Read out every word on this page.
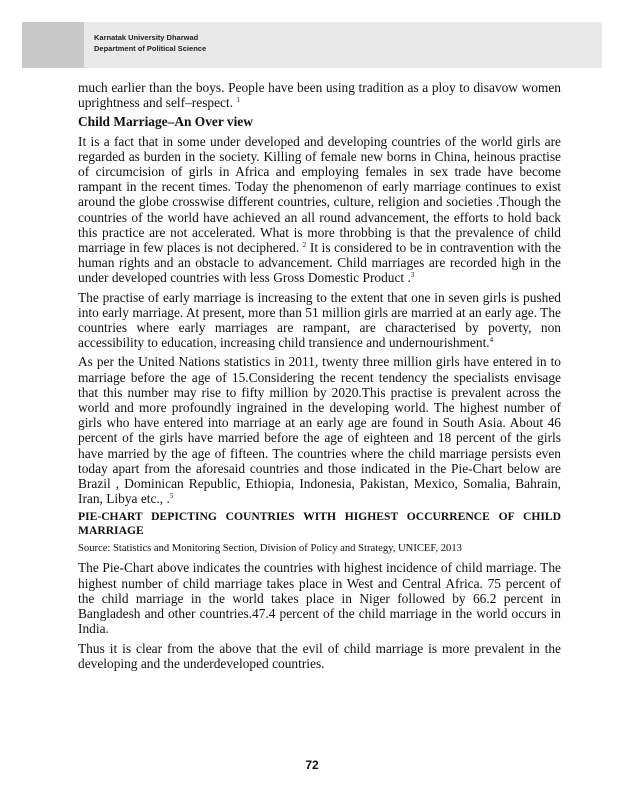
Karnatak University Dharwad
Department of Political Science

much earlier than the boys. People have been using tradition as a ploy to disavow women uprightness and self–respect. $^1$

Child Marriage–An Over view

It is a fact that in some under developed and developing countries of the world girls are regarded as burden in the society. Killing of female new borns in China, heinous practise of circumcision of girls in Africa and employing females in sex trade have become rampant in the recent times. Today the phenomenon of early marriage continues to exist around the globe crosswise different countries, culture, religion and societies .Though the countries of the world have achieved an all round advancement, the efforts to hold back this practice are not accelerated. What is more throbbing is that the prevalence of child marriage in few places is not deciphered. $^2$ It is considered to be in contravention with the human rights and an obstacle to advancement. Child marriages are recorded high in the under developed countries with less Gross Domestic Product .$^3$

The practise of early marriage is increasing to the extent that one in seven girls is pushed into early marriage. At present, more than 51 million girls are married at an early age. The countries where early marriages are rampant, are characterised by poverty, non accessibility to education, increasing child transience and undernourishment.$^4$

As per the United Nations statistics in 2011, twenty three million girls have entered in to marriage before the age of 15.Considering the recent tendency the specialists envisage that this number may rise to fifty million by 2020.This practise is prevalent across the world and more profoundly ingrained in the developing world. The highest number of girls who have entered into marriage at an early age are found in South Asia. About 46 percent of the girls have married before the age of eighteen and 18 percent of the girls have married by the age of fifteen. The countries where the child marriage persists even today apart from the aforesaid countries and those indicated in the Pie-Chart below are Brazil , Dominican Republic, Ethiopia, Indonesia, Pakistan, Mexico, Somalia, Bahrain, Iran, Libya etc., .$^5$

PIE-CHART DEPICTING COUNTRIES WITH HIGHEST OCCURRENCE OF CHILD MARRIAGE

Source: Statistics and Monitoring Section, Division of Policy and Strategy, UNICEF, 2013

The Pie-Chart above indicates the countries with highest incidence of child marriage. The highest number of child marriage takes place in West and Central Africa. 75 percent of the child marriage in the world takes place in Niger followed by 66.2 percent in Bangladesh and other countries.47.4 percent of the child marriage in the world occurs in India.

Thus it is clear from the above that the evil of child marriage is more prevalent in the developing and the underdeveloped countries.

72
